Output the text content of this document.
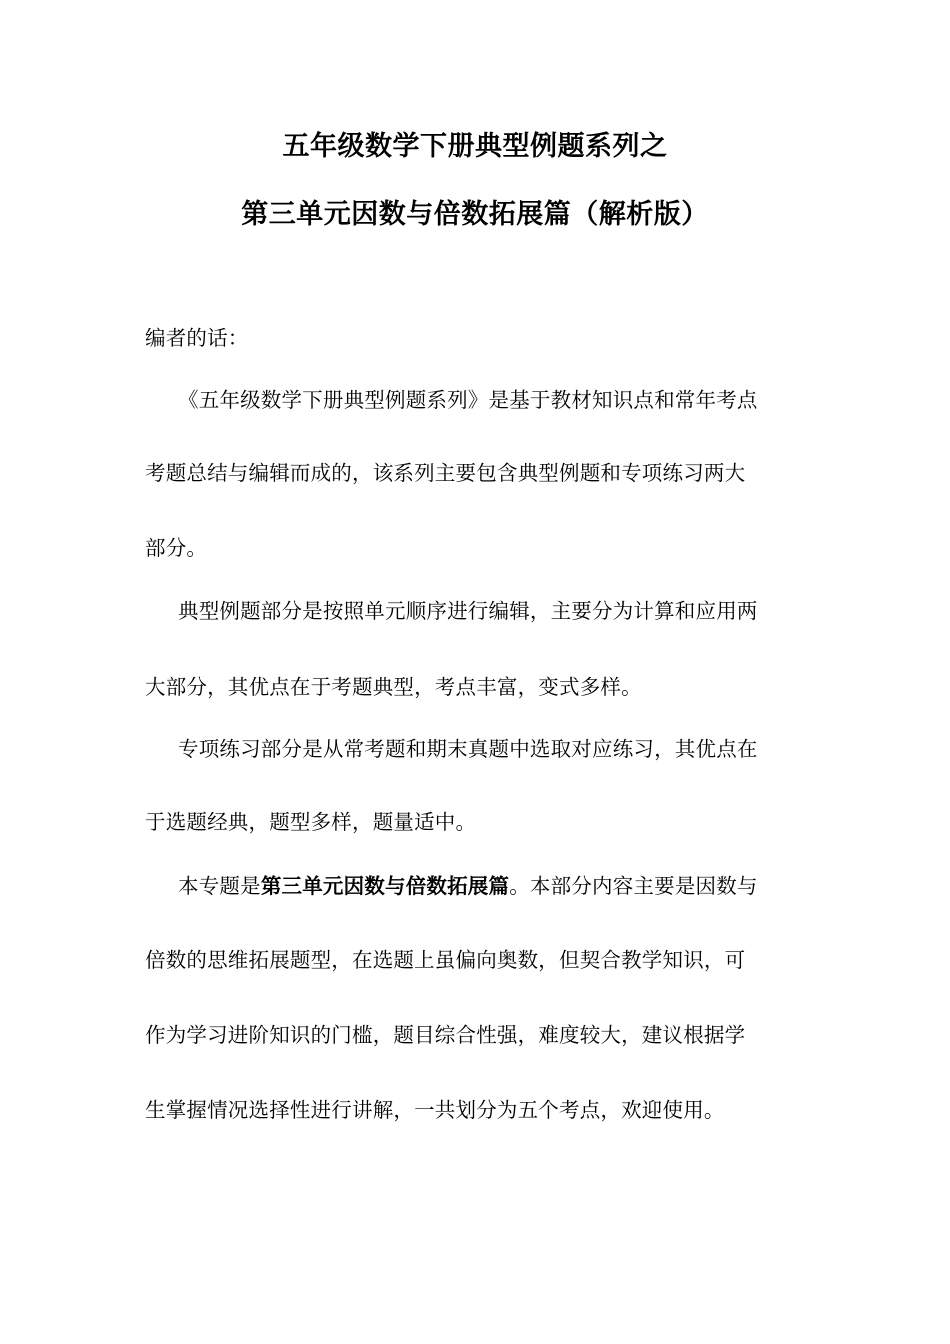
五年级数学下册典型例题系列之
第三单元因数与倍数拓展篇（解析版）
编者的话：
《五年级数学下册典型例题系列》是基于教材知识点和常年考点
考题总结与编辑而成的，该系列主要包含典型例题和专项练习两大
部分。
典型例题部分是按照单元顺序进行编辑，主要分为计算和应用两
大部分，其优点在于考题典型，考点丰富，变式多样。
专项练习部分是从常考题和期末真题中选取对应练习，其优点在
于选题经典，题型多样，题量适中。
本专题是第三单元因数与倍数拓展篇。本部分内容主要是因数与
倍数的思维拓展题型，在选题上虽偏向奥数，但契合教学知识，可
作为学习进阶知识的门槛，题目综合性强，难度较大，建议根据学
生掌握情况选择性进行讲解，一共划分为五个考点，欢迎使用。
